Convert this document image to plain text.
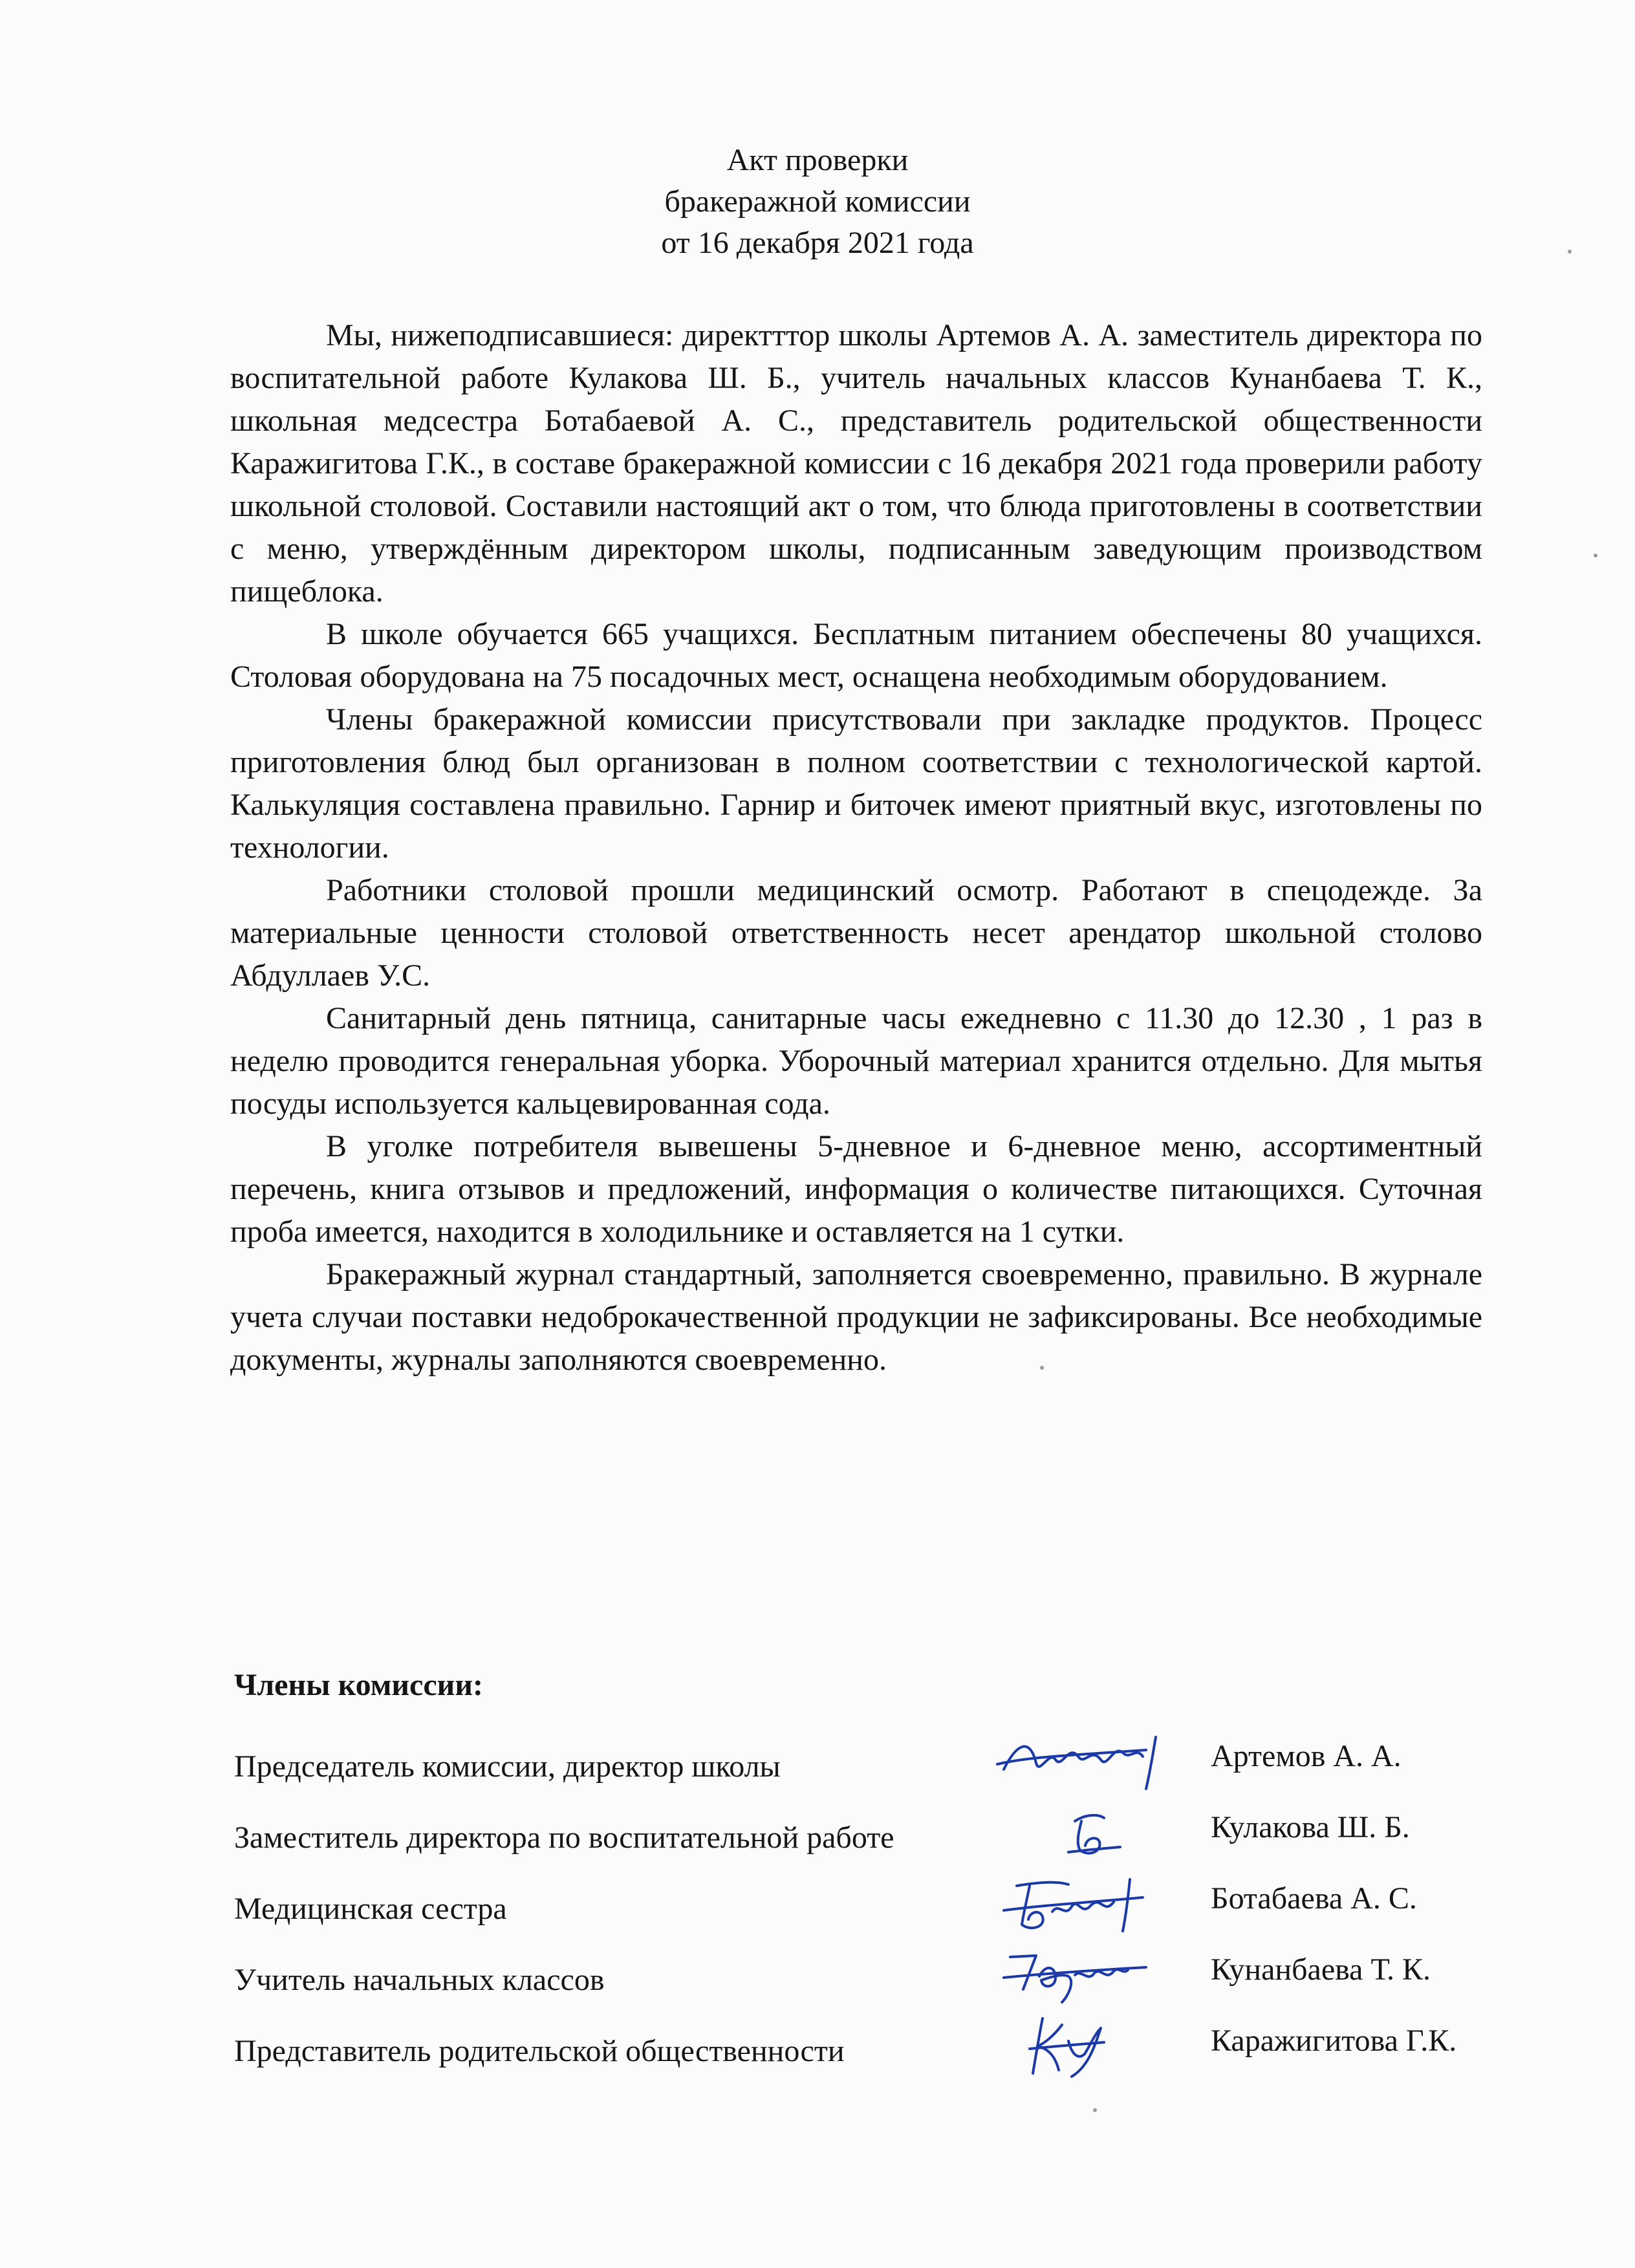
Акт проверки
бракеражной комиссии
от 16 декабря 2021 года

Мы, нижеподписавшиеся: директттор школы Артемов А. А. заместитель директора по воспитательной работе Кулакова Ш. Б., учитель начальных классов Кунанбаева Т. К., школьная медсестра Ботабаевой А. С., представитель родительской общественности Каражигитова Г.К., в составе бракеражной комиссии с 16 декабря 2021 года проверили работу школьной столовой. Составили настоящий акт о том, что блюда приготовлены в соответствии с меню, утверждённым директором школы, подписанным заведующим производством пищеблока.

В школе обучается 665 учащихся. Бесплатным питанием обеспечены 80 учащихся. Столовая оборудована на 75 посадочных мест, оснащена необходимым оборудованием.

Члены бракеражной комиссии присутствовали при закладке продуктов. Процесс приготовления блюд был организован в полном соответствии с технологической картой. Калькуляция составлена правильно. Гарнир и биточек имеют приятный вкус, изготовлены по технологии.

Работники столовой прошли медицинский осмотр. Работают в спецодежде. За материальные ценности столовой ответственность несет арендатор школьной столово Абдуллаев У.С.

Санитарный день пятница, санитарные часы ежедневно с 11.30 до 12.30 , 1 раз в неделю проводится генеральная уборка. Уборочный материал хранится отдельно. Для мытья посуды используется кальцевированная сода.

В уголке потребителя вывешены 5-дневное и 6-дневное меню, ассортиментный перечень, книга отзывов и предложений, информация о количестве питающихся. Суточная проба имеется, находится в холодильнике и оставляется на 1 сутки.

Бракеражный журнал стандартный, заполняется своевременно, правильно. В журнале учета случаи поставки недоброкачественной продукции не зафиксированы. Все необходимые документы, журналы заполняются своевременно.

Члены комиссии:
Председатель комиссии, директор школы	Артемов А. А.
Заместитель директора по воспитательной работе	Кулакова Ш. Б.
Медицинская сестра	Ботабаева А. С.
Учитель начальных классов	Кунанбаева Т. К.
Представитель родительской общественности	Каражигитова Г.К.
